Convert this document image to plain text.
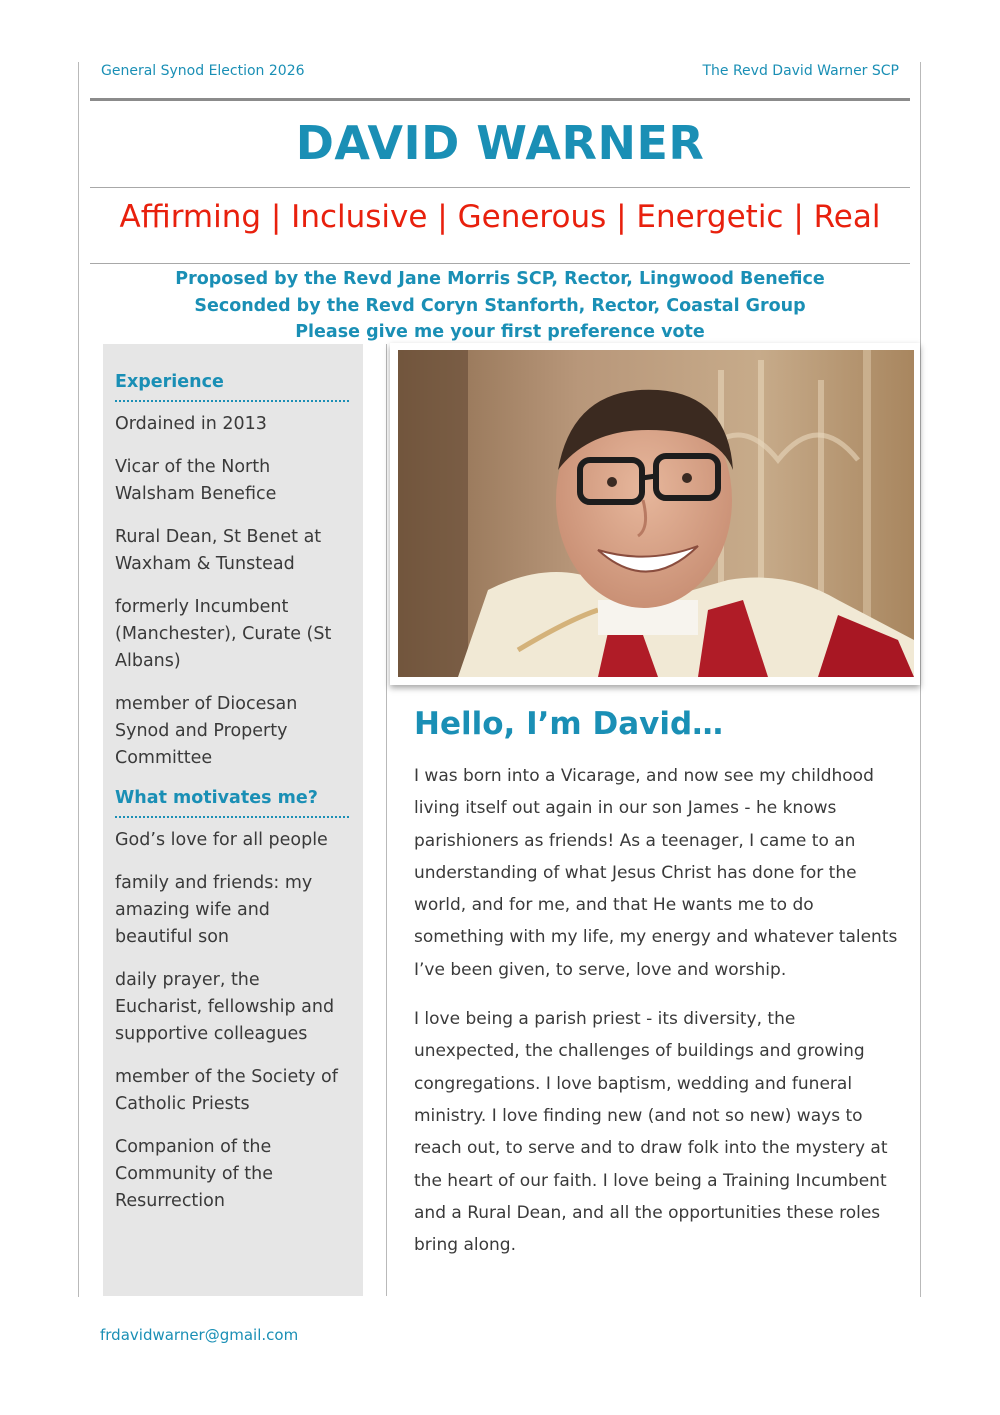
General Synod Election 2026	The Revd David Warner SCP
DAVID WARNER
Affirming | Inclusive | Generous | Energetic | Real
Proposed by the Revd Jane Morris SCP, Rector, Lingwood Benefice
Seconded by the Revd Coryn Stanforth, Rector, Coastal Group
Please give me your first preference vote
Experience

Ordained in 2013

Vicar of the North Walsham Benefice

Rural Dean, St Benet at Waxham & Tunstead

formerly Incumbent (Manchester), Curate (St Albans)

member of Diocesan Synod and Property Committee

What motivates me?

God’s love for all people

family and friends: my amazing wife and beautiful son

daily prayer, the Eucharist, fellowship and supportive colleagues

member of the Society of Catholic Priests

Companion of the Community of the Resurrection

Hello, I’m David…

I was born into a Vicarage, and now see my childhood living itself out again in our son James - he knows parishioners as friends! As a teenager, I came to an understanding of what Jesus Christ has done for the world, and for me, and that He wants me to do something with my life, my energy and whatever talents I’ve been given, to serve, love and worship.

I love being a parish priest - its diversity, the unexpected, the challenges of buildings and growing congregations. I love baptism, wedding and funeral ministry. I love finding new (and not so new) ways to reach out, to serve and to draw folk into the mystery at the heart of our faith. I love being a Training Incumbent and a Rural Dean, and all the opportunities these roles bring along.

frdavidwarner@gmail.com
